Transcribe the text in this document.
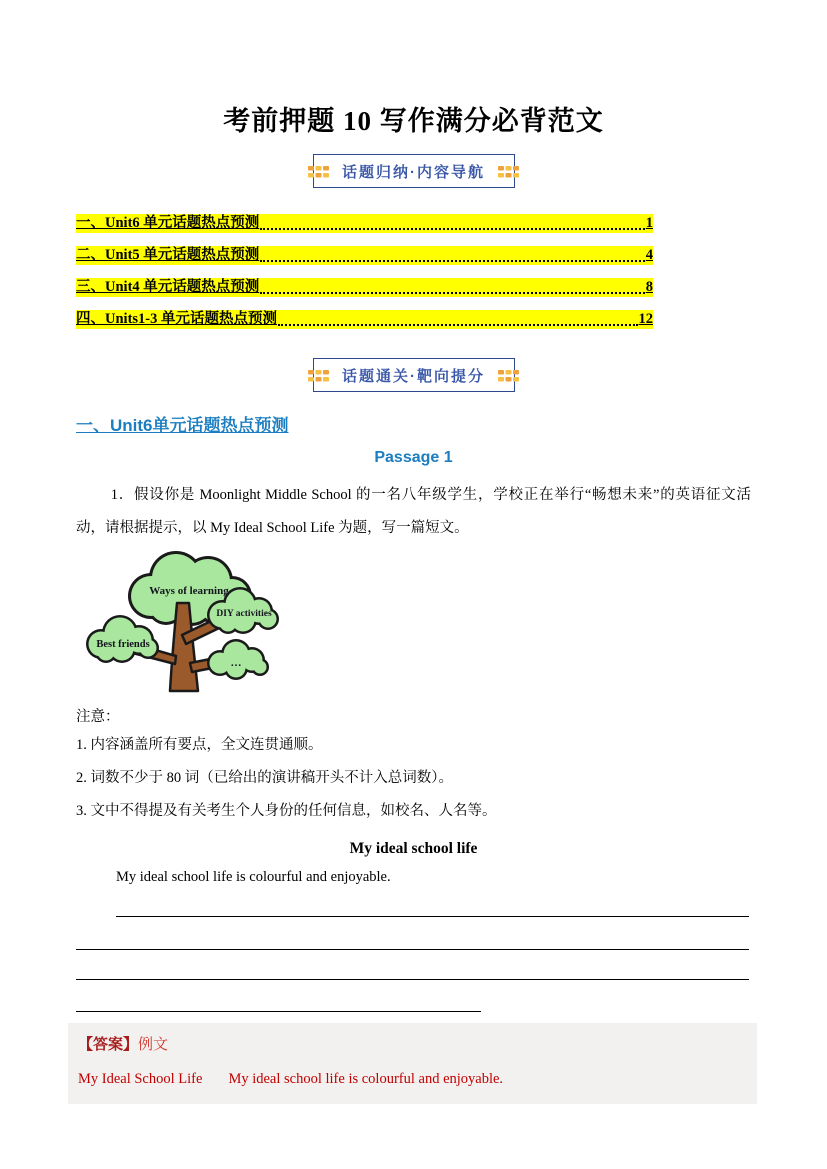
考前押题 10 写作满分必背范文
话题归纳·内容导航
一、Unit6 单元话题热点预测	1
二、Unit5 单元话题热点预测	4
三、Unit4 单元话题热点预测	8
四、Units1-3 单元话题热点预测	12
话题通关·靶向提分
一、Unit6单元话题热点预测
Passage 1
1．假设你是 Moonlight Middle School 的一名八年级学生，学校正在举行“畅想未来”的英语征文活动，请根据提示，以 My Ideal School Life 为题，写一篇短文。
Ways of learning
DIY activities
Best friends
…
注意：
1. 内容涵盖所有要点，全文连贯通顺。
2. 词数不少于 80 词（已给出的演讲稿开头不计入总词数）。
3. 文中不得提及有关考生个人身份的任何信息，如校名、人名等。
My ideal school life
My ideal school life is colourful and enjoyable.
【答案】例文
My Ideal School Life My ideal school life is colourful and enjoyable.
